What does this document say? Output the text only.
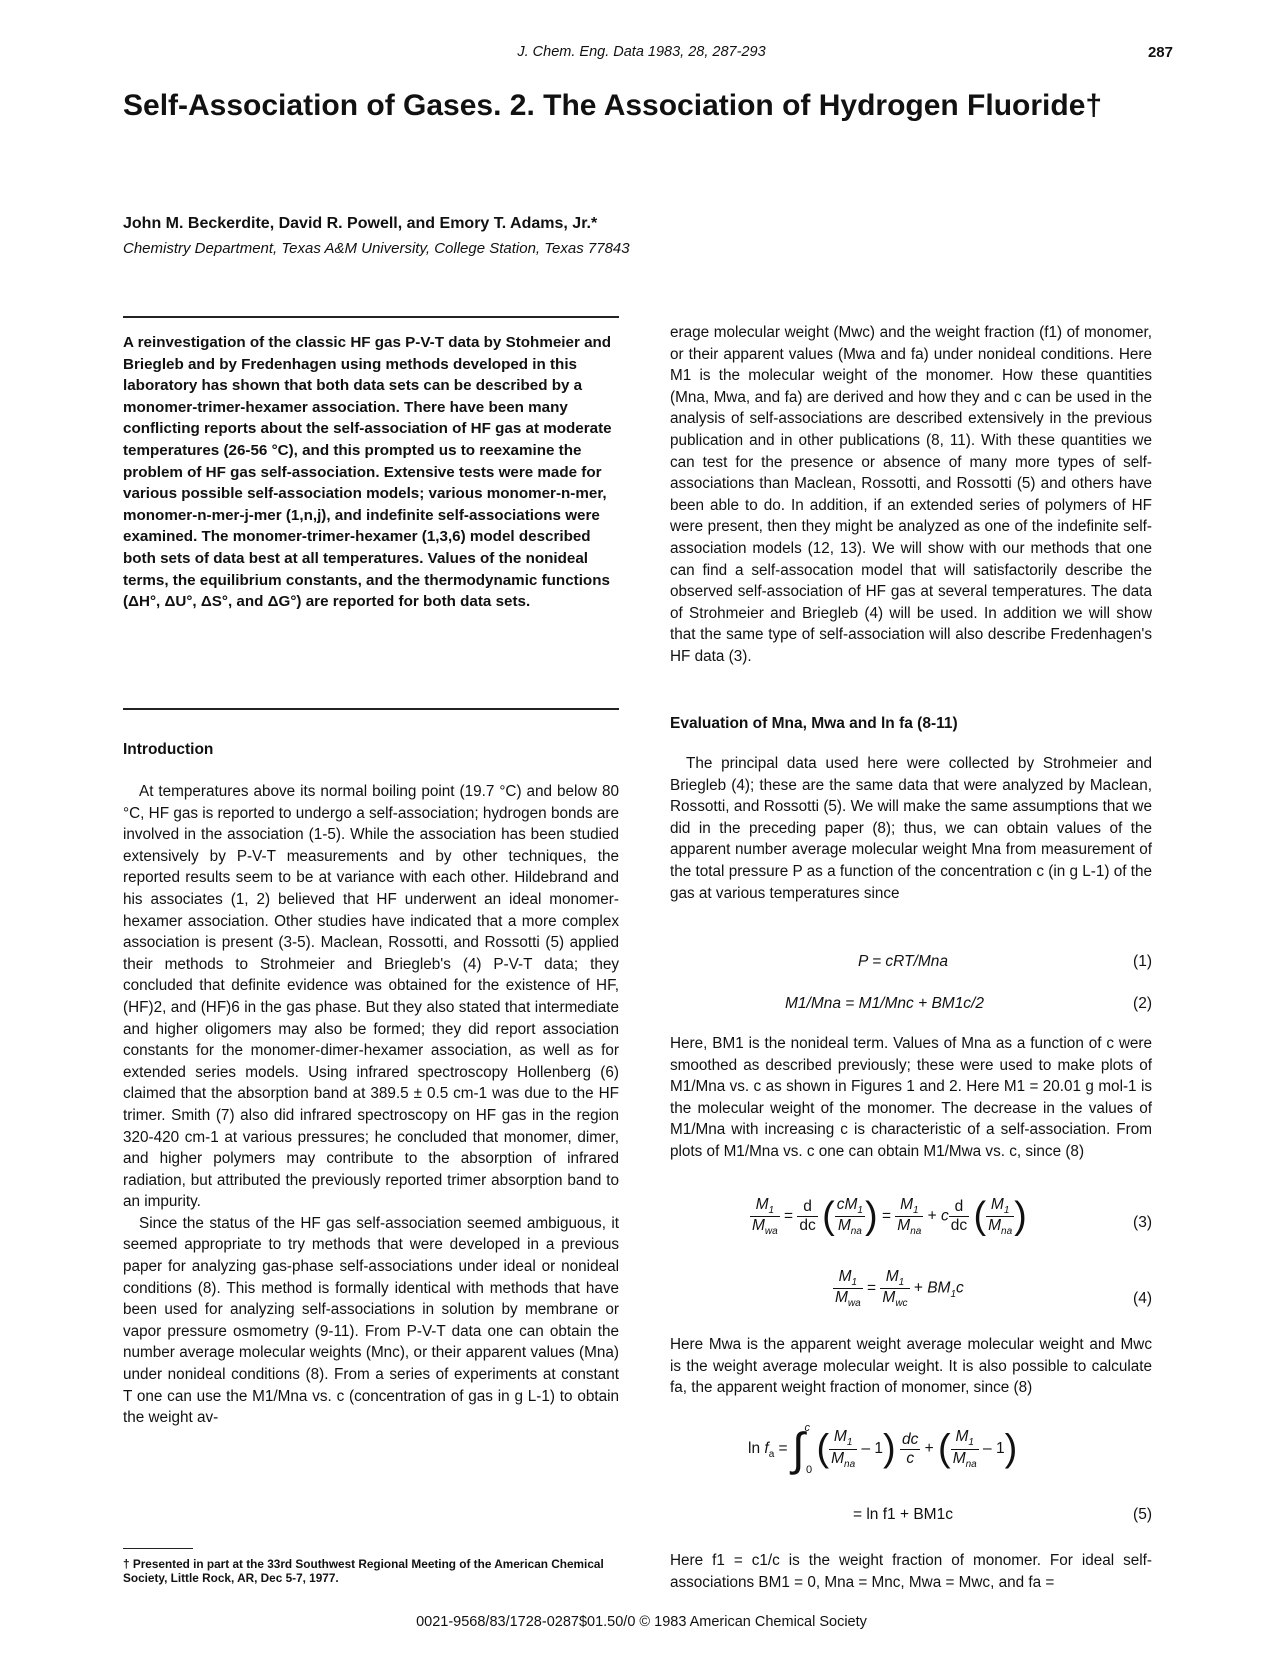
J. Chem. Eng. Data 1983, 28, 287-293	287
Self-Association of Gases. 2. The Association of Hydrogen Fluoride†
John M. Beckerdite, David R. Powell, and Emory T. Adams, Jr.*
Chemistry Department, Texas A&M University, College Station, Texas 77843
A reinvestigation of the classic HF gas P-V-T data by Stohmeier and Briegleb and by Fredenhagen using methods developed in this laboratory has shown that both data sets can be described by a monomer-trimer-hexamer association. There have been many conflicting reports about the self-association of HF gas at moderate temperatures (26-56 °C), and this prompted us to reexamine the problem of HF gas self-association. Extensive tests were made for various possible self-association models; various monomer-n-mer, monomer-n-mer-j-mer (1,n,j), and indefinite self-associations were examined. The monomer-trimer-hexamer (1,3,6) model described both sets of data best at all temperatures. Values of the nonideal terms, the equilibrium constants, and the thermodynamic functions (ΔH°, ΔU°, ΔS°, and ΔG°) are reported for both data sets.
Introduction

At temperatures above its normal boiling point (19.7 °C) and below 80 °C, HF gas is reported to undergo a self-association; hydrogen bonds are involved in the association (1-5). While the association has been studied extensively by P-V-T measurements and by other techniques, the reported results seem to be at variance with each other. Hildebrand and his associates (1, 2) believed that HF underwent an ideal monomer-hexamer association. Other studies have indicated that a more complex association is present (3-5). Maclean, Rossotti, and Rossotti (5) applied their methods to Strohmeier and Briegleb's (4) P-V-T data; they concluded that definite evidence was obtained for the existence of HF, (HF)2, and (HF)6 in the gas phase. But they also stated that intermediate and higher oligomers may also be formed; they did report association constants for the monomer-dimer-hexamer association, as well as for extended series models. Using infrared spectroscopy Hollenberg (6) claimed that the absorption band at 389.5 ± 0.5 cm-1 was due to the HF trimer. Smith (7) also did infrared spectroscopy on HF gas in the region 320-420 cm-1 at various pressures; he concluded that monomer, dimer, and higher polymers may contribute to the absorption of infrared radiation, but attributed the previously reported trimer absorption band to an impurity.

Since the status of the HF gas self-association seemed ambiguous, it seemed appropriate to try methods that were developed in a previous paper for analyzing gas-phase self-associations under ideal or nonideal conditions (8). This method is formally identical with methods that have been used for analyzing self-associations in solution by membrane or vapor pressure osmometry (9-11). From P-V-T data one can obtain the number average molecular weights (Mnc), or their apparent values (Mna) under nonideal conditions (8). From a series of experiments at constant T one can use the M1/Mna vs. c (concentration of gas in g L-1) to obtain the weight av-

† Presented in part at the 33rd Southwest Regional Meeting of the American Chemical Society, Little Rock, AR, Dec 5-7, 1977.
erage molecular weight (Mwc) and the weight fraction (f1) of monomer, or their apparent values (Mwa and fa) under nonideal conditions. Here M1 is the molecular weight of the monomer. How these quantities (Mna, Mwa, and fa) are derived and how they and c can be used in the analysis of self-associations are described extensively in the previous publication and in other publications (8, 11). With these quantities we can test for the presence or absence of many more types of self-associations than Maclean, Rossotti, and Rossotti (5) and others have been able to do. In addition, if an extended series of polymers of HF were present, then they might be analyzed as one of the indefinite self-association models (12, 13). We will show with our methods that one can find a self-assocation model that will satisfactorily describe the observed self-association of HF gas at several temperatures. The data of Strohmeier and Briegleb (4) will be used. In addition we will show that the same type of self-association will also describe Fredenhagen's HF data (3).
Evaluation of Mna, Mwa and ln fa (8-11)

The principal data used here were collected by Strohmeier and Briegleb (4); these are the same data that were analyzed by Maclean, Rossotti, and Rossotti (5). We will make the same assumptions that we did in the preceding paper (8); thus, we can obtain values of the apparent number average molecular weight Mna from measurement of the total pressure P as a function of the concentration c (in g L-1) of the gas at various temperatures since

P = cRT/Mna	(1)
M1/Mna = M1/Mnc + BM1c/2	(2)
Here, BM1 is the nonideal term. Values of Mna as a function of c were smoothed as described previously; these were used to make plots of M1/Mna vs. c as shown in Figures 1 and 2. Here M1 = 20.01 g mol-1 is the molecular weight of the monomer. The decrease in the values of M1/Mna with increasing c is characteristic of a self-association. From plots of M1/Mna vs. c one can obtain M1/Mwa vs. c, since (8)
$\frac{M_1}{M_{wa}} = \frac{d}{dc}$ ( $\frac{cM_1}{M_{na}}$ ) = $\frac{M_1}{M_{na}} + c \frac{d}{dc}$ ( $\frac{M_1}{M_{na}}$ )	(3)
$\frac{M_1}{M_{wa}} = \frac{M_1}{M_{wc}} + BM_1c$
(4)
Here Mwa is the apparent weight average molecular weight and Mwc is the weight average molecular weight. It is also possible to calculate fa, the apparent weight fraction of monomer, since (8)
$\ln f_a = \int^c0$ ( $\frac{M_1}{M_{na}} - 1) \frac{dc}{c}$ + ( $\frac{M_1}{M_{na}} - 1$)
= ln f1 + BM1c	(5)
Here f1 = c1/c is the weight fraction of monomer. For ideal self-associations BM1 = 0, Mna = Mnc, Mwa = Mwc, and fa =
0021-9568/83/1728-0287$01.50/0 © 1983 American Chemical Society
